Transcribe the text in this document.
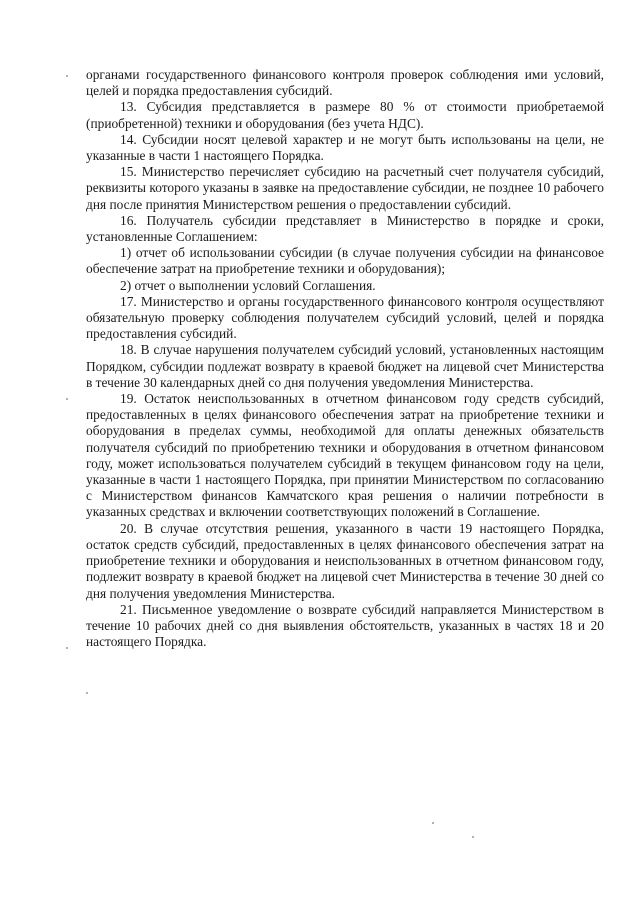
органами государственного финансового контроля проверок соблюдения ими условий, целей и порядка предоставления субсидий.

13. Субсидия представляется в размере 80 % от стоимости приобретаемой (приобретенной) техники и оборудования (без учета НДС).

14. Субсидии носят целевой характер и не могут быть использованы на цели, не указанные в части 1 настоящего Порядка.

15. Министерство перечисляет субсидию на расчетный счет получателя субсидий, реквизиты которого указаны в заявке на предоставление субсидии, не позднее 10 рабочего дня после принятия Министерством решения о предоставлении субсидий.

16. Получатель субсидии представляет в Министерство в порядке и сроки, установленные Соглашением:

1) отчет об использовании субсидии (в случае получения субсидии на финансовое обеспечение затрат на приобретение техники и оборудования);

2) отчет о выполнении условий Соглашения.

17. Министерство и органы государственного финансового контроля осуществляют обязательную проверку соблюдения получателем субсидий условий, целей и порядка предоставления субсидий.

18. В случае нарушения получателем субсидий условий, установленных настоящим Порядком, субсидии подлежат возврату в краевой бюджет на лицевой счет Министерства в течение 30 календарных дней со дня получения уведомления Министерства.

19. Остаток неиспользованных в отчетном финансовом году средств субсидий, предоставленных в целях финансового обеспечения затрат на приобретение техники и оборудования в пределах суммы, необходимой для оплаты денежных обязательств получателя субсидий по приобретению техники и оборудования в отчетном финансовом году, может использоваться получателем субсидий в текущем финансовом году на цели, указанные в части 1 настоящего Порядка, при принятии Министерством по согласованию с Министерством финансов Камчатского края решения о наличии потребности в указанных средствах и включении соответствующих положений в Соглашение.

20. В случае отсутствия решения, указанного в части 19 настоящего Порядка, остаток средств субсидий, предоставленных в целях финансового обеспечения затрат на приобретение техники и оборудования и неиспользованных в отчетном финансовом году, подлежит возврату в краевой бюджет на лицевой счет Министерства в течение 30 дней со дня получения уведомления Министерства.

21. Письменное уведомление о возврате субсидий направляется Министерством в течение 10 рабочих дней со дня выявления обстоятельств, указанных в частях 18 и 20 настоящего Порядка.
